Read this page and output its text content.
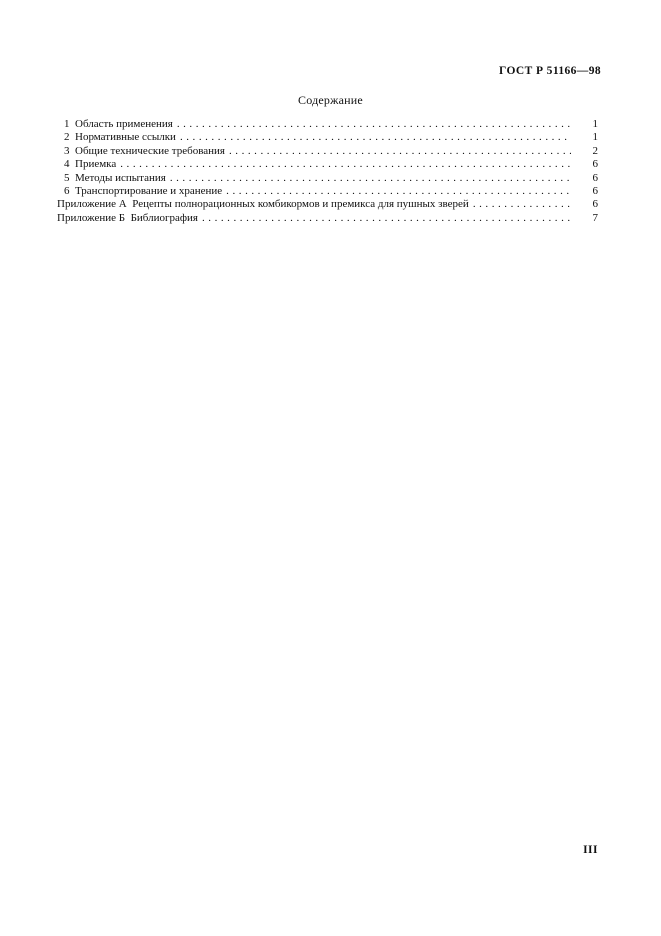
ГОСТ Р 51166—98
Содержание
1  Область применения . . .	1
2  Нормативные ссылки . . .	1
3  Общие технические требования . . .	2
4  Приемка . . .	6
5  Методы испытания . . .	6
6  Транспортирование и хранение . . .	6
Приложение А  Рецепты полнорационных комбикормов и премикса для пушных зверей . . .	6
Приложение Б  Библиография . . .	7
III
